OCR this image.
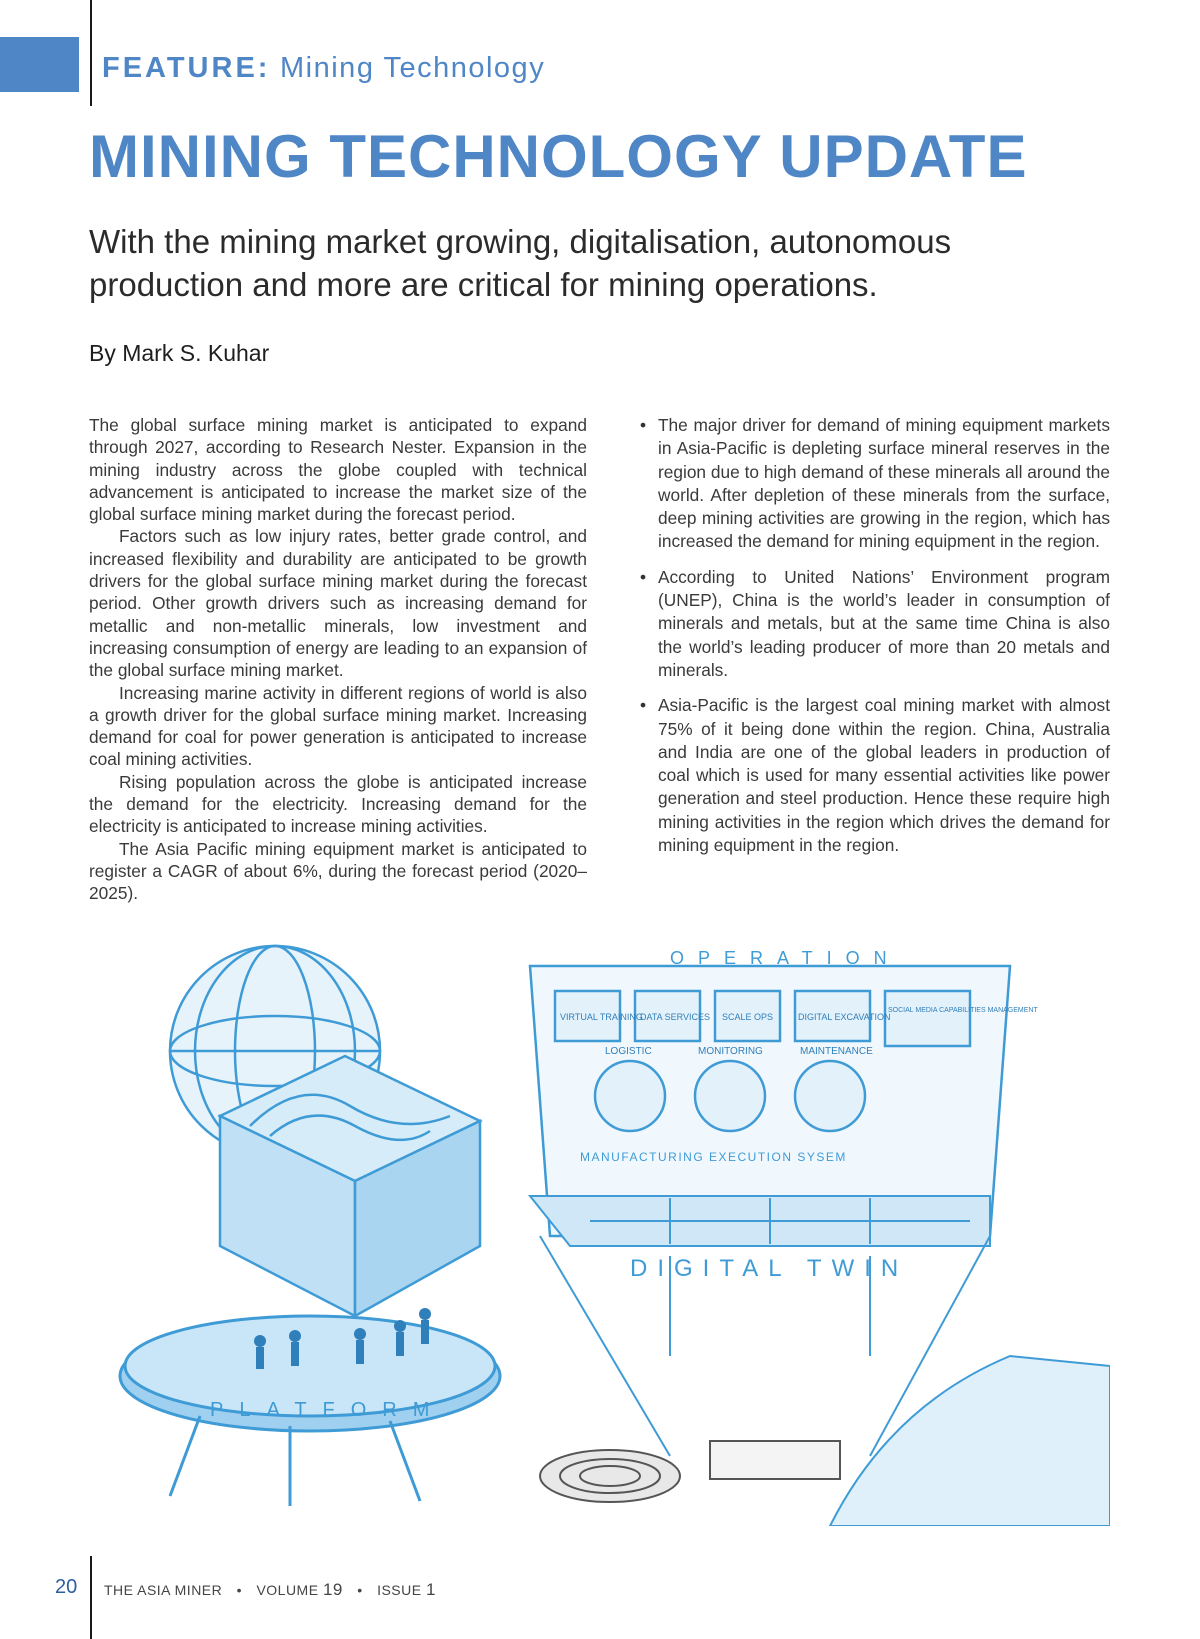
FEATURE: Mining Technology
MINING TECHNOLOGY UPDATE

With the mining market growing, digitalisation, autonomous production and more are critical for mining operations.

By Mark S. Kuhar

The global surface mining market is anticipated to expand through 2027, according to Research Nester. Expansion in the mining industry across the globe coupled with technical advancement is anticipated to increase the market size of the global surface mining market during the forecast period.

Factors such as low injury rates, better grade control, and increased flexibility and durability are anticipated to be growth drivers for the global surface mining market during the forecast period. Other growth drivers such as increasing demand for metallic and non-metallic minerals, low investment and increasing consumption of energy are leading to an expansion of the global surface mining market.

Increasing marine activity in different regions of world is also a growth driver for the global surface mining market. Increasing demand for coal for power generation is anticipated to increase coal mining activities.

Rising population across the globe is anticipated increase the demand for the electricity. Increasing demand for the electricity is anticipated to increase mining activities.

The Asia Pacific mining equipment market is anticipated to register a CAGR of about 6%, during the forecast period (2020–2025).

• The major driver for demand of mining equipment markets in Asia-Pacific is depleting surface mineral reserves in the region due to high demand of these minerals all around the world. After depletion of these minerals from the surface, deep mining activities are growing in the region, which has increased the demand for mining equipment in the region.
• According to United Nations’ Environment program (UNEP), China is the world’s leader in consumption of minerals and metals, but at the same time China is also the world’s leading producer of more than 20 metals and minerals.
• Asia-Pacific is the largest coal mining market with almost 75% of it being done within the region. China, Australia and India are one of the global leaders in production of coal which is used for many essential activities like power generation and steel production. Hence these require high mining activities in the region which drives the demand for mining equipment in the region.
OPERATION
VIRTUAL TRAINING
DATA SERVICES SCALE OPS	DIGITAL EXCAVATION
SOCIAL MEDIA CAPABILITIES MANAGEMENT
LOGISTIC	MONITORING	MAINTENANCE
MANUFACTURING EXECUTION SYSEM
DIGITAL TWIN
PLATFORM
20 THE ASIA MINER • VOLUME 19 • ISSUE 1
